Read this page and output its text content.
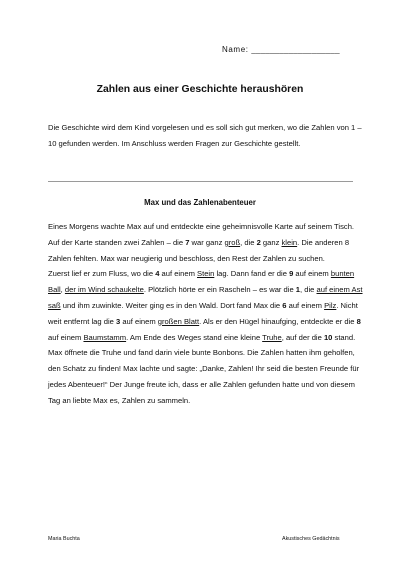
Name: ___________________
Zahlen aus einer Geschichte heraushören
Die Geschichte wird dem Kind vorgelesen und es soll sich gut merken, wo die Zahlen von 1 – 10 gefunden werden. Im Anschluss werden Fragen zur Geschichte gestellt.
Max und das Zahlenabenteuer

Eines Morgens wachte Max auf und entdeckte eine geheimnisvolle Karte auf seinem Tisch. Auf der Karte standen zwei Zahlen – die 7 war ganz groß, die 2 ganz klein. Die anderen 8 Zahlen fehlten. Max war neugierig und beschloss, den Rest der Zahlen zu suchen.

Zuerst lief er zum Fluss, wo die 4 auf einem Stein lag. Dann fand er die 9 auf einem bunten Ball, der im Wind schaukelte. Plötzlich hörte er ein Rascheln – es war die 1, die auf einem Ast saß und ihm zuwinkte. Weiter ging es in den Wald. Dort fand Max die 6 auf einem Pilz. Nicht weit entfernt lag die 3 auf einem großen Blatt. Als er den Hügel hinaufging, entdeckte er die 8 auf einem Baumstamm. Am Ende des Weges stand eine kleine Truhe, auf der die 10 stand.

Max öffnete die Truhe und fand darin viele bunte Bonbons. Die Zahlen hatten ihm geholfen, den Schatz zu finden! Max lachte und sagte: „Danke, Zahlen! Ihr seid die besten Freunde für jedes Abenteuer!“ Der Junge freute ich, dass er alle Zahlen gefunden hatte und von diesem Tag an liebte Max es, Zahlen zu sammeln.

Maria Buchta	Akustisches Gedächtnis
